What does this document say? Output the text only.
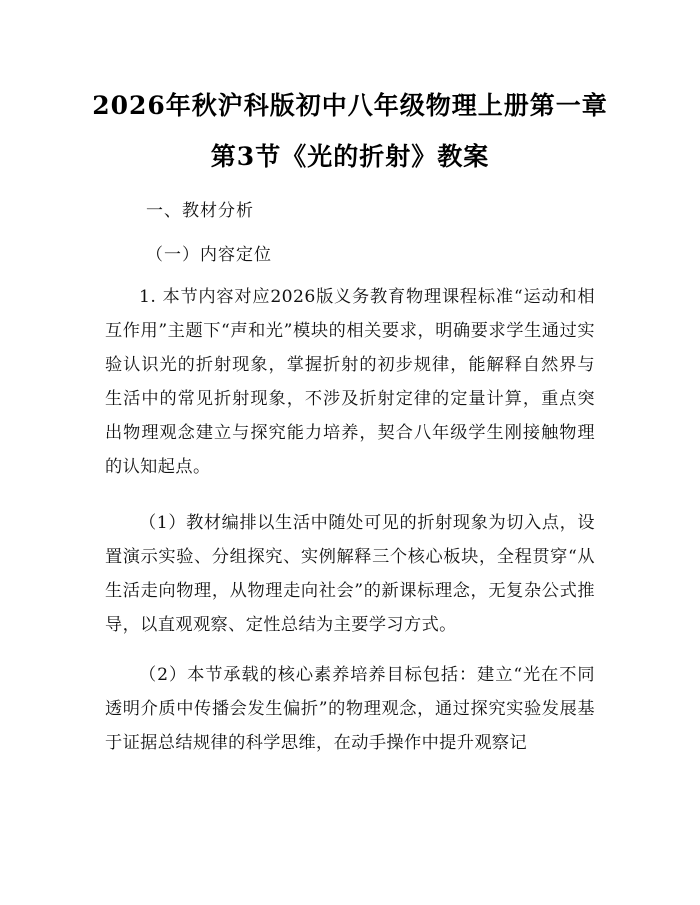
2026年秋沪科版初中八年级物理上册第一章
第3节《光的折射》教案
一、教材分析
（一）内容定位
1. 本节内容对应2026版义务教育物理课程标准“运动和相互作用”主题下“声和光”模块的相关要求，明确要求学生通过实验认识光的折射现象，掌握折射的初步规律，能解释自然界与生活中的常见折射现象，不涉及折射定律的定量计算，重点突出物理观念建立与探究能力培养，契合八年级学生刚接触物理的认知起点。
（1）教材编排以生活中随处可见的折射现象为切入点，设置演示实验、分组探究、实例解释三个核心板块，全程贯穿“从生活走向物理，从物理走向社会”的新课标理念，无复杂公式推导，以直观观察、定性总结为主要学习方式。
（2）本节承载的核心素养培养目标包括：建立“光在不同透明介质中传播会发生偏折”的物理观念，通过探究实验发展基于证据总结规律的科学思维，在动手操作中提升观察记
